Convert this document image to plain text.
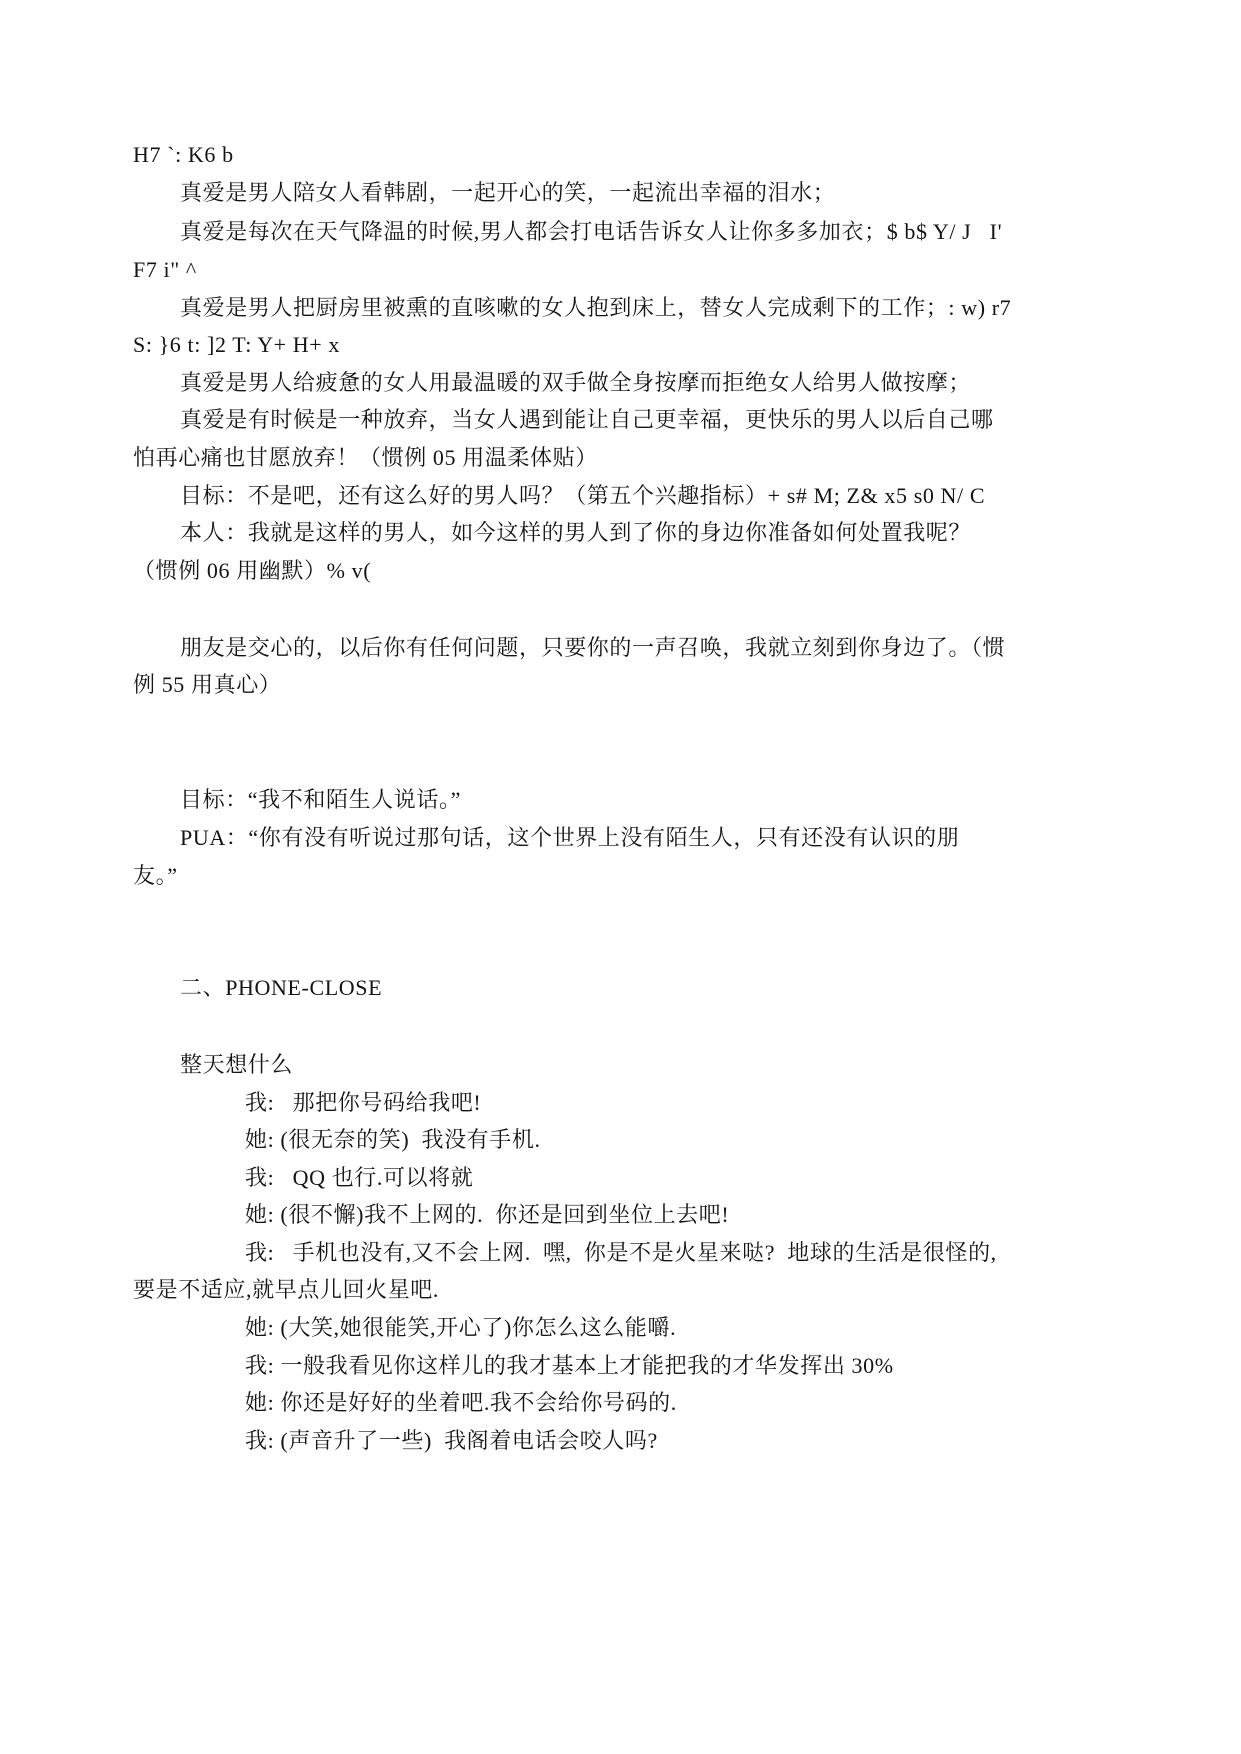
H7 `: K6 b
真爱是男人陪女人看韩剧，一起开心的笑，一起流出幸福的泪水；
真爱是每次在天气降温的时候,男人都会打电话告诉女人让你多多加衣；$ b$ Y/ J   I'
F7 i" ^
真爱是男人把厨房里被熏的直咳嗽的女人抱到床上，替女人完成剩下的工作；: w) r7
S: }6 t: ]2 T: Y+ H+ x
真爱是男人给疲惫的女人用最温暖的双手做全身按摩而拒绝女人给男人做按摩；
真爱是有时候是一种放弃，当女人遇到能让自己更幸福，更快乐的男人以后自己哪
怕再心痛也甘愿放弃！（惯例 05 用温柔体贴）
目标：不是吧，还有这么好的男人吗？（第五个兴趣指标）+ s# M; Z& x5 s0 N/ C
本人：我就是这样的男人，如今这样的男人到了你的身边你准备如何处置我呢？
（惯例 06 用幽默）% v(
朋友是交心的，以后你有任何问题，只要你的一声召唤，我就立刻到你身边了。（惯
例 55 用真心）
目标：“我不和陌生人说话。”
PUA：“你有没有听说过那句话，这个世界上没有陌生人，只有还没有认识的朋
友。”
二、PHONE-CLOSE
整天想什么
我:   那把你号码给我吧!
她: (很无奈的笑)  我没有手机.
我:   QQ 也行.可以将就
她: (很不懈)我不上网的.  你还是回到坐位上去吧!
我:   手机也没有,又不会上网.  嘿,  你是不是火星来哒?  地球的生活是很怪的,
要是不适应,就早点儿回火星吧.
她: (大笑,她很能笑,开心了)你怎么这么能嚼.
我: 一般我看见你这样儿的我才基本上才能把我的才华发挥出 30%
她: 你还是好好的坐着吧.我不会给你号码的.
我: (声音升了一些)  我阁着电话会咬人吗?
